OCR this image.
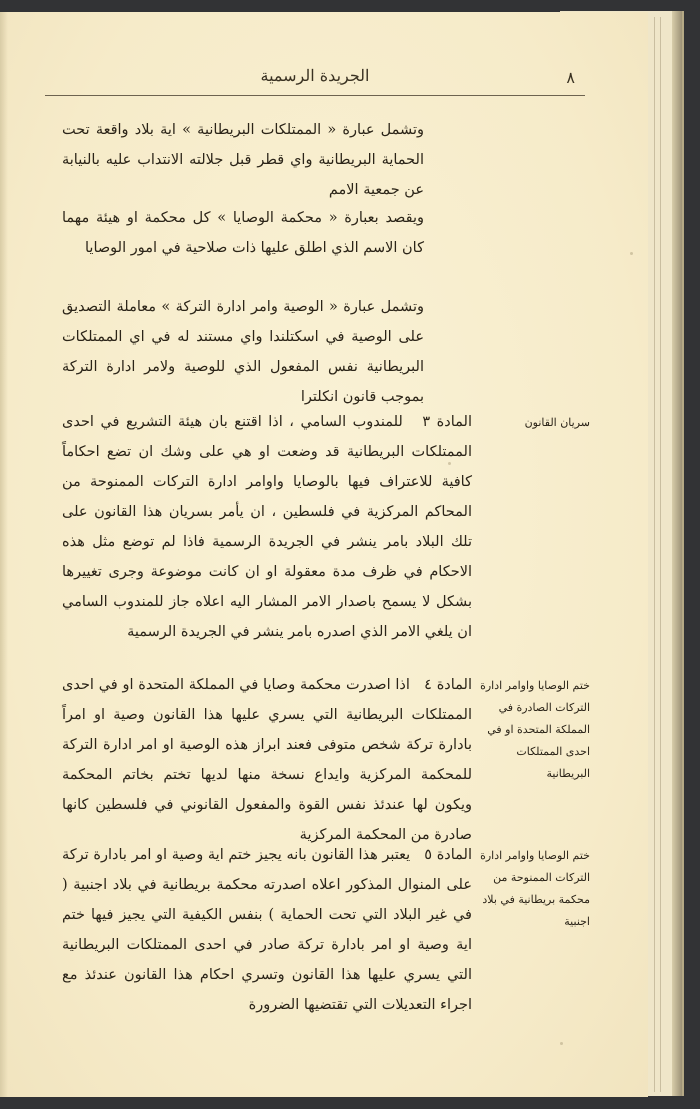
٨
الجريدة الرسمية

وتشمل عبارة « الممتلكات البريطانية » اية بلاد واقعة تحت الحماية البريطانية واي قطر قبل جلالته الانتداب عليه بالنيابة عن جمعية الامم

ويقصد بعبارة « محكمة الوصايا » كل محكمة او هيئة مهما كان الاسم الذي اطلق عليها ذات صلاحية في امور الوصايا

وتشمل عبارة « الوصية وامر ادارة التركة » معاملة التصديق على الوصية في اسكتلندا واي مستند له في اي الممتلكات البريطانية نفس المفعول الذي للوصية ولامر ادارة التركة بموجب قانون انكلترا

سريان القانون

المادة ٣   للمندوب السامي ، اذا اقتنع بان هيئة التشريع في احدى الممتلكات البريطانية قد وضعت او هي على وشك ان تضع احكاماً كافية للاعتراف فيها بالوصايا واوامر ادارة التركات الممنوحة من المحاكم المركزية في فلسطين ، ان يأمر بسريان هذا القانون على تلك البلاد بامر ينشر في الجريدة الرسمية فاذا لم توضع مثل هذه الاحكام في ظرف مدة معقولة او ان كانت موضوعة وجرى تغييرها بشكل لا يسمح باصدار الامر المشار اليه اعلاه جاز للمندوب السامي ان يلغي الامر الذي اصدره بامر ينشر في الجريدة الرسمية

ختم الوصايا واوامر ادارة التركات الصادرة في المملكة المتحدة او في احدى الممتلكات البريطانية

المادة ٤   اذا اصدرت محكمة وصايا في المملكة المتحدة او في احدى الممتلكات البريطانية التي يسري عليها هذا القانون وصية او امراً بادارة تركة شخص متوفى فعند ابراز هذه الوصية او امر ادارة التركة للمحكمة المركزية وايداع نسخة منها لديها تختم بخاتم المحكمة ويكون لها عندئذ نفس القوة والمفعول القانوني في فلسطين كانها صادرة من المحكمة المركزية

ختم الوصايا واوامر ادارة التركات الممنوحة من محكمة بريطانية في بلاد اجنبية

المادة ٥   يعتبر هذا القانون بانه يجيز ختم اية وصية او امر بادارة تركة على المنوال المذكور اعلاه اصدرته محكمة بريطانية في بلاد اجنبية ( في غير البلاد التي تحت الحماية ) بنفس الكيفية التي يجيز فيها ختم اية وصية او امر بادارة تركة صادر في احدى الممتلكات البريطانية التي يسري عليها هذا القانون وتسري احكام هذا القانون عندئذ مع اجراء التعديلات التي تقتضيها الضرورة
